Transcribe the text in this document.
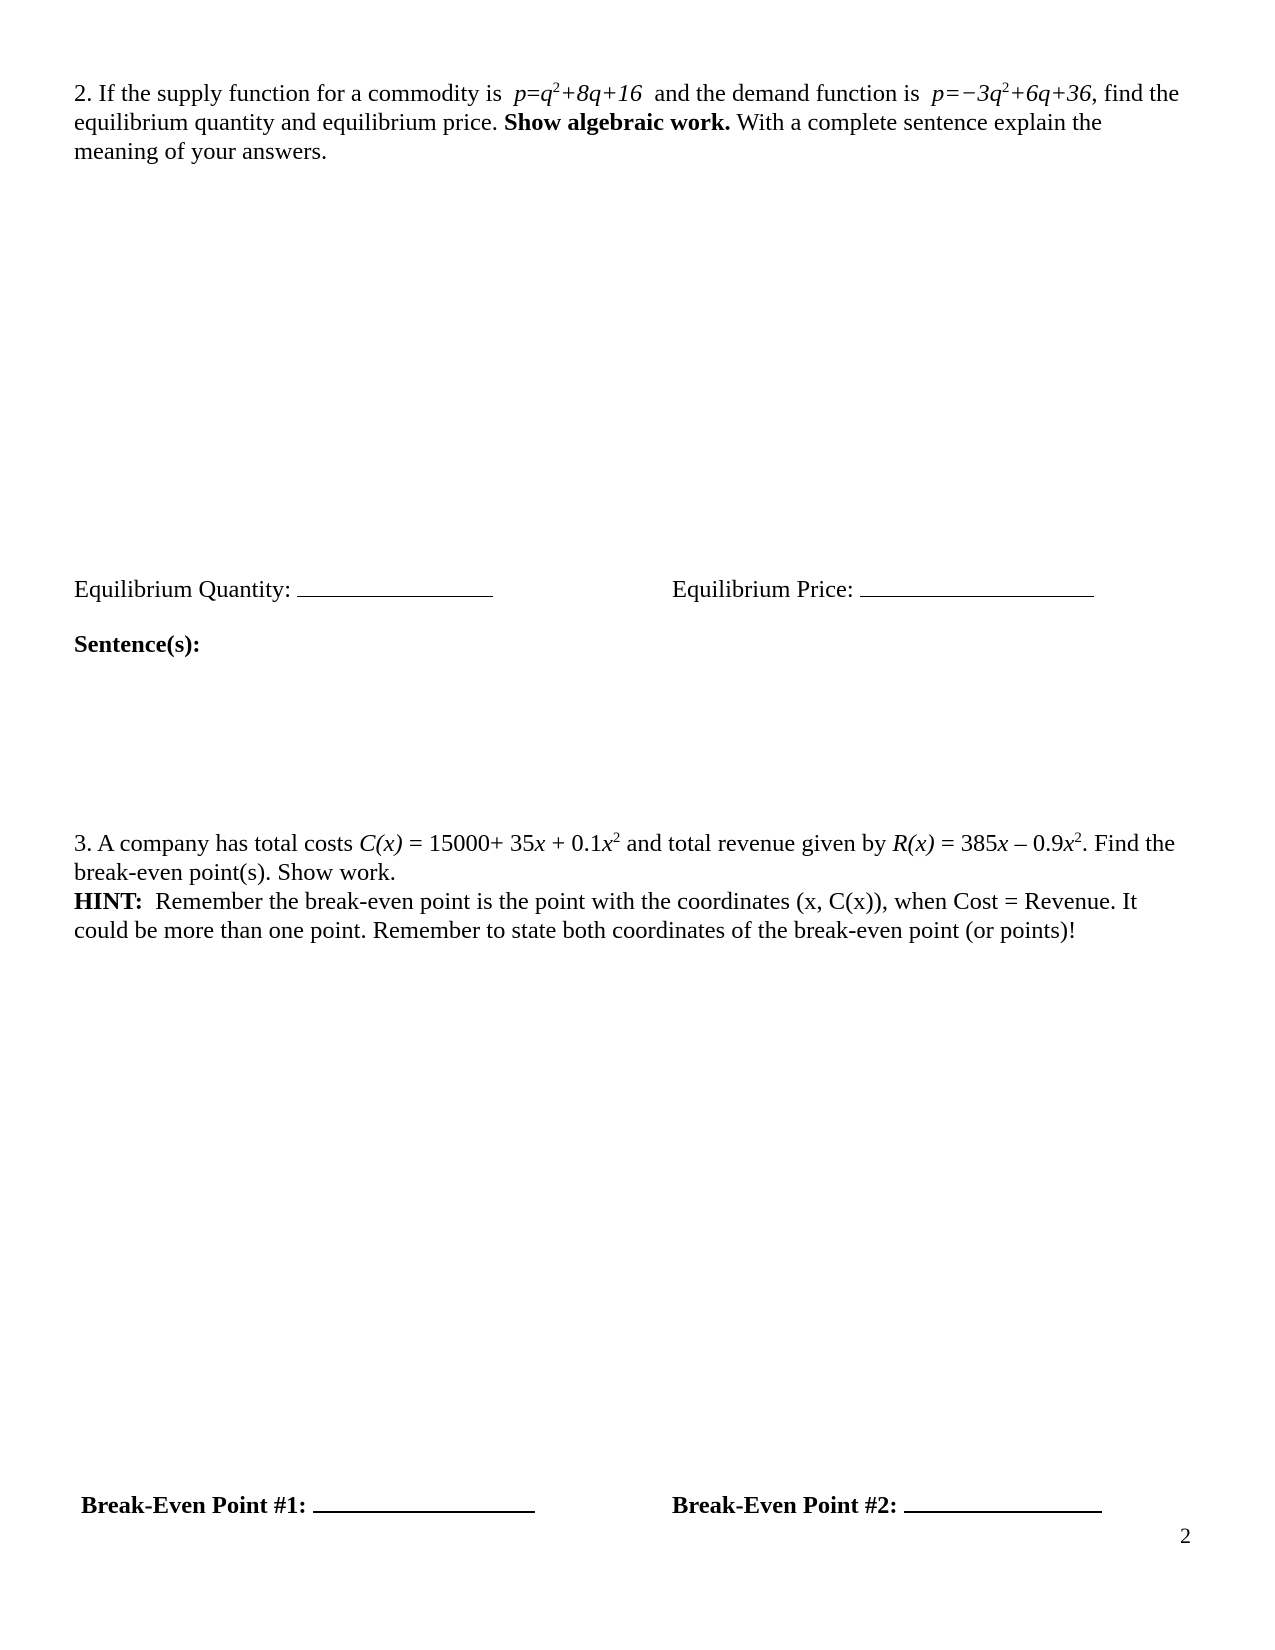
2. If the supply function for a commodity is $p=q^2+8q+16$ and the demand function is $p=-3q^2+6q+36$, find the equilibrium quantity and equilibrium price. Show algebraic work. With a complete sentence explain the meaning of your answers.
Equilibrium Quantity:	Equilibrium Price:
Sentence(s):
3. A company has total costs $C(x) = 15000+ 35x + 0.1x^2$ and total revenue given by $R(x) = 385x - 0.9x^2$. Find the break-even point(s). Show work.
HINT: Remember the break-even point is the point with the coordinates (x, C(x)), when Cost = Revenue. It could be more than one point. Remember to state both coordinates of the break-even point (or points)!
Break-Even Point #1:	Break-Even Point #2:
2
